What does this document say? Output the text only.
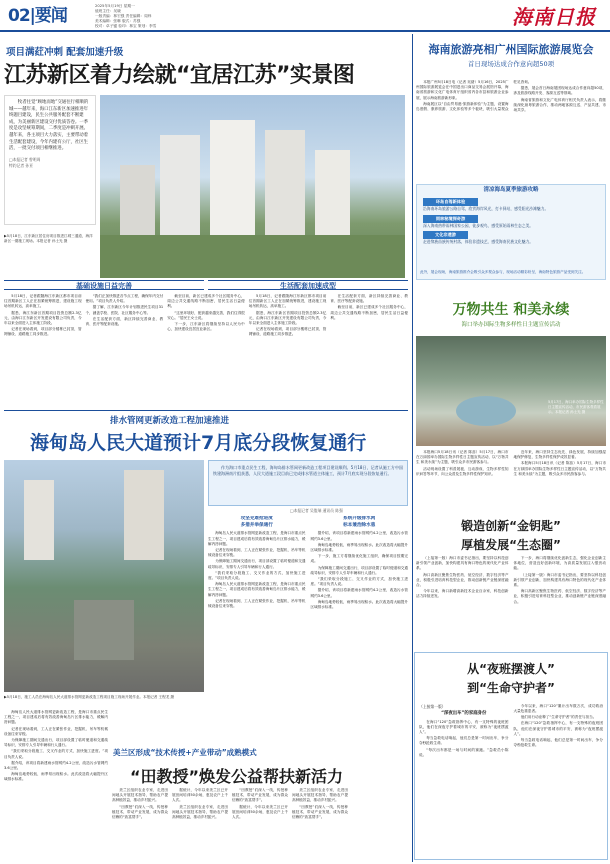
02|要闻	2025年5月19日 星期一
值班主任：吴晓
一版责编：林宏强 责任编辑：周炜
美术编辑：张琳 版式：苏强
校对：卓子键 检印：林宝 策划：李雪	海南日报
项目满荭冲刺 配套加速升级
江苏新区着力绘就“宜居江苏”实景图
牧者往觉“顾地而地”交通往行相顺的城——越年来，海口江东新区加速推进年终题目建设，民生公共服务配套不断建成，为美丽新区建设交付优质答卷。一季度是攻坚统筹期间，二季度是冲刺开展。越年来，各主项目大力落实，主要带动着生活配套建设，今年内建有公厅，社区生活，一批交付项目相继推进。
□本报记者 曾明周
特约记者 孙亚
▶5月18日，江东新区居住房项目推进江城三通道，海洋新区一期施工现场。本报记者 孙士光 摄
基础设施日益完善	生活配套加速成型

5月18日，记者跟随海江东新区都市项目前往首期新区工人正在加紧统筹推进，建设施工现场吊机转运，高举施工。

据悉，海江东新区首期项目投资总额2.3亿元，由海口江东新区开发建设有限公司负责，今年以来全面进入主体施工阶段。

记者在现场看到，项目部分楼栋已封顶，管网铺设、道路施工同步推进。

“我们正加快推进各节点工程，确保年内交付使用。”项目负责人介绍。

据了解，江东新区今年计划推进民生项目31个，涵盖学校、医院、社区服务中心等。

在生活配套方面，新区持续完善商业、教育、医疗等配套设施。

截至目前，新区已建成多个社区服务中心，周边公共交通线路不断加密，居民生活日益便利。

“这里环境好，配套越来越完善，我们住得很安心。”居民王女士说。

下一步，江东新区将继续坚持以人民为中心，加快建设宜居宜业新区。

5月18日，记者跟随海江东新区都市项目前往首期新区工人正在加紧统筹推进，建设施工现场吊机转运，高举施工。

据悉，海江东新区首期项目投资总额2.3亿元，由海口江东新区开发建设有限公司负责，今年以来全面进入主体施工阶段。

记者在现场看到，项目部分楼栋已封顶，管网铺设、道路施工同步推进。

在生活配套方面，新区持续完善商业、教育、医疗等配套设施。

截至目前，新区已建成多个社区服务中心，周边公共交通线路不断加密，居民生活日益便利。

排水管网更新改造工程加速推进
海甸岛人民大道预计7月底分段恢复通行
▶5月18日，施工人员在海甸岛人民大道排水管网更新改造工程项目施工现场开展作业。本报记者 王程龙 摄
作为海口市重点民生工程，海甸岛排水管网更新改造工程项目建设顺利。5月18日，记者从施工方中国铁建海洲南片组获悉，人民大道施工段目前已完成排水管道主体施工，预计7月底实现分段恢复通行。
□本报记者 吴俊瑞 通讯员 陈强
攻坚克难抢进度
多措并举保通行

海甸岛人民大道排水管网更新改造工程，是海口市重点民生工程之一，项目建成后将有效改善海甸岛片区排水能力，缓解内涝问题。

记者在现场看到，工人正在紧张作业，挖掘机、吊车等机械设备往来穿梭。

为保障施工期间交通出行，项目部设置了临时便道和交通疏导标识，安排专人引导车辆和行人通行。

“我们采取分段施工、交叉作业的方式，加快施工进度。”项目负责人说。

海甸岛人民大道排水管网更新改造工程，是海口市重点民生工程之一，项目建成后将有效改善海甸岛片区排水能力，缓解内涝问题。

记者在现场看到，工人正在紧张作业，挖掘机、吊车等机械设备往来穿梭。

系统升级排水网
标本兼治除水患

据介绍，该项目将新建雨水管网约4.2公里，改造污水管网约3.6公里。

海甸岛地势较低，雨季易出现积水。此次改造将大幅提升区域排水标准。

下一步，施工方将继续优化施工组织，确保项目按期完成。

为保障施工期间交通出行，项目部设置了临时便道和交通疏导标识，安排专人引导车辆和行人通行。

“我们采取分段施工、交叉作业的方式，加快施工进度。”项目负责人说。

据介绍，该项目将新建雨水管网约4.2公里，改造污水管网约3.6公里。

海甸岛地势较低，雨季易出现积水。此次改造将大幅提升区域排水标准。

海甸岛人民大道排水管网更新改造工程，是海口市重点民生工程之一，项目建成后将有效改善海甸岛片区排水能力，缓解内涝问题。

记者在现场看到，工人正在紧张作业，挖掘机、吊车等机械设备往来穿梭。

为保障施工期间交通出行，项目部设置了临时便道和交通疏导标识，安排专人引导车辆和行人通行。

“我们采取分段施工、交叉作业的方式，加快施工进度。”项目负责人说。

据介绍，该项目将新建雨水管网约4.2公里，改造污水管网约3.6公里。

海甸岛地势较低，雨季易出现积水。此次改造将大幅提升区域排水标准。

美兰区形成“技术传授+产业带动”成熟模式
“田教授”焕发公益帮扶新活力

美兰区组织农业专家，走进田间地头开展技术指导，帮助农户提高种植效益，推动乡村振兴。

“田教授”们深入一线，传授种植技术，带动产业发展，成为群众信赖的“致富帮手”。

据统计，今年以来美兰区已开展田间培训50余场，惠及农户上千人次。

美兰区组织农业专家，走进田间地头开展技术指导，帮助农户提高种植效益，推动乡村振兴。

“田教授”们深入一线，传授种植技术，带动产业发展，成为群众信赖的“致富帮手”。

据统计，今年以来美兰区已开展田间培训50余场，惠及农户上千人次。

美兰区组织农业专家，走进田间地头开展技术指导，帮助农户提高种植效益，推动乡村振兴。

“田教授”们深入一线，传授种植技术，带动产业发展，成为群众信赖的“致富帮手”。

海南旅游亮相广州国际旅游展览会
首日现场达成合作意向超50项

本报广州5月18日电（记者 吴绪）5月16日，2025广州国际旅游展览会在中国进出口商品交易会展馆开幕，海南省旅游和文化广电体育厅组织省内各市县和旅游企业参展，展示海南旅游新形象。

海南展区以“自由贸易港·旅游新体验”为主题，设置海岛度假、康养旅游、文化体验等多个板块，吸引大量观众驻足咨询。

据悉，展会首日海南展团现场达成合作意向超50项，涉及旅游线路开发、客源互送等领域。

海南省旅游和文化广电体育厅相关负责人表示，将继续深化琼粤旅游合作，推动两地客源互送、产品共建、市场共享。

清凉海岛夏季旅游攻略
环岛自驾新体验
沿海南环岛旅游公路自驾，欣赏海岸风光，打卡驿站，感受阳光沙滩魅力。
雨林秘境探奇游
深入海南热带雨林国家公园，徒步观鸟，感受原始雨林生态之美。
文化非遗游
走进黎族苗族传统村落，体验非遗技艺，感受海南民族文化魅力。
此外，展会现场，海南旅游推介会吸引众多观众参与，现场活动精彩纷呈，海南特色旅游产品受到关注。
万物共生 和美永续
海口举办国际生物多样性日主题宣传活动
5月17日，海口举办国际生物多样性日主题宣传活动，市民游客观看展示。本报记者 孙士光 摄

本报海口5月18日讯（记者 陈蕊）5月17日，海口市在万绿园举办国际生物多样性日主题宣传活动，以“万物共生 和美永续”为主题，吸引众多市民游客参与。

活动现场设置了科普展板、互动游戏、生物多样性知识问答等环节，向公众普及生物多样性保护知识。

近年来，海口坚持生态优先、绿色发展，持续加强湿地保护修复，生物多样性保护成效显著。

本报海口5月18日讯（记者 陈蕊）5月17日，海口市在万绿园举办国际生物多样性日主题宣传活动，以“万物共生 和美永续”为主题，吸引众多市民游客参与。

锻造创新“金钥匙”
厚植发展“生态圈”

（上接第一版）海口市委书记指出，要坚持以科技创新引领产业创新，加快构建具有海口特色的现代化产业体系。

海口高新区聚焦生物医药、低空经济、数字经济等产业，积极引进培育科技型企业，推动创新链产业链深度融合。

今年以来，海口新增高新技术企业百余家，科技创新活力持续迸发。

下一步，海口将继续优化创新生态，强化企业创新主体地位，营造良好创新环境，为高质量发展注入强劲动能。

（上接第一版）海口市委书记指出，要坚持以科技创新引领产业创新，加快构建具有海口特色的现代化产业体系。

海口高新区聚焦生物医药、低空经济、数字经济等产业，积极引进培育科技型企业，推动创新链产业链深度融合。

从“夜班摆渡人”
到“生命守护者”
（上接第一版）
“深夜出车”的家庭身份

在海口“120”急救指挥中心，有一支特殊的夜班团队，他们在深夜守护着城市的平安，被称为“夜班摆渡人”。

每当急救电话响起，他们总是第一时间出车，争分夺秒抢救生命。

“每次出车都是一场与时间的赛跑。”急救员小陈说。

今年以来，海口“120”累计出车数万次，成功救治大量危重患者。

他们用行动诠释了“生命守护者”的责任与担当。

在海口“120”急救指挥中心，有一支特殊的夜班团队，他们在深夜守护着城市的平安，被称为“夜班摆渡人”。

每当急救电话响起，他们总是第一时间出车，争分夺秒抢救生命。
